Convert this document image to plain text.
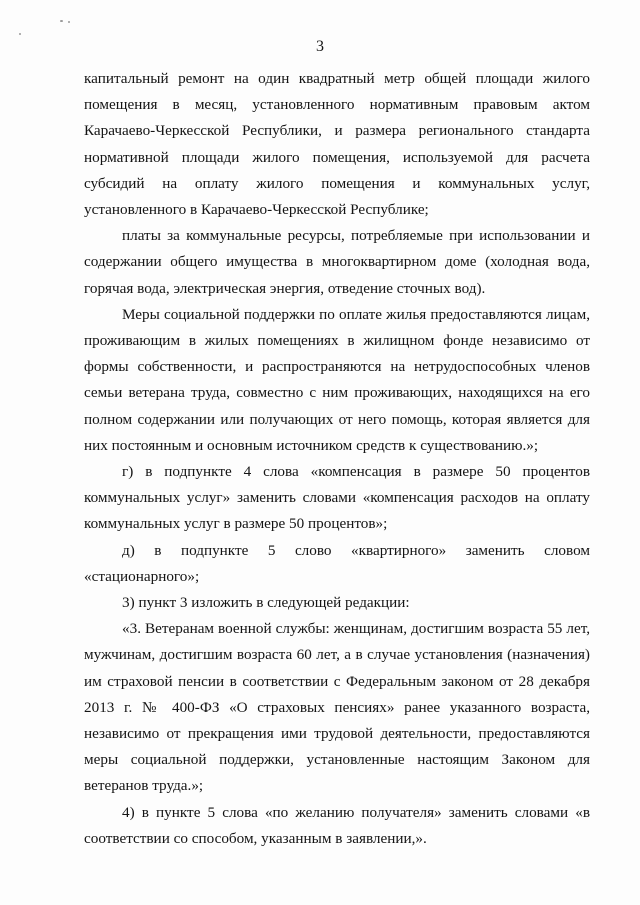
3

капитальный ремонт на один квадратный метр общей площади жилого помещения в месяц, установленного нормативным правовым актом Карачаево-Черкесской Республики, и размера регионального стандарта нормативной площади жилого помещения, используемой для расчета субсидий на оплату жилого помещения и коммунальных услуг, установленного в Карачаево-Черкесской Республике;

платы за коммунальные ресурсы, потребляемые при использовании и содержании общего имущества в многоквартирном доме (холодная вода, горячая вода, электрическая энергия, отведение сточных вод).

Меры социальной поддержки по оплате жилья предоставляются лицам, проживающим в жилых помещениях в жилищном фонде независимо от формы собственности, и распространяются на нетрудоспособных членов семьи ветерана труда, совместно с ним проживающих, находящихся на его полном содержании или получающих от него помощь, которая является для них постоянным и основным источником средств к существованию.»;

г) в подпункте 4 слова «компенсация в размере 50 процентов коммунальных услуг» заменить словами «компенсация расходов на оплату коммунальных услуг в размере 50 процентов»;

д) в подпункте 5 слово «квартирного» заменить словом «стационарного»;

3) пункт 3 изложить в следующей редакции:

«3. Ветеранам военной службы: женщинам, достигшим возраста 55 лет, мужчинам, достигшим возраста 60 лет, а в случае установления (назначения) им страховой пенсии в соответствии с Федеральным законом от 28 декабря 2013 г. № 400-ФЗ «О страховых пенсиях» ранее указанного возраста, независимо от прекращения ими трудовой деятельности, предоставляются меры социальной поддержки, установленные настоящим Законом для ветеранов труда.»;

4) в пункте 5 слова «по желанию получателя» заменить словами «в соответствии со способом, указанным в заявлении,».
